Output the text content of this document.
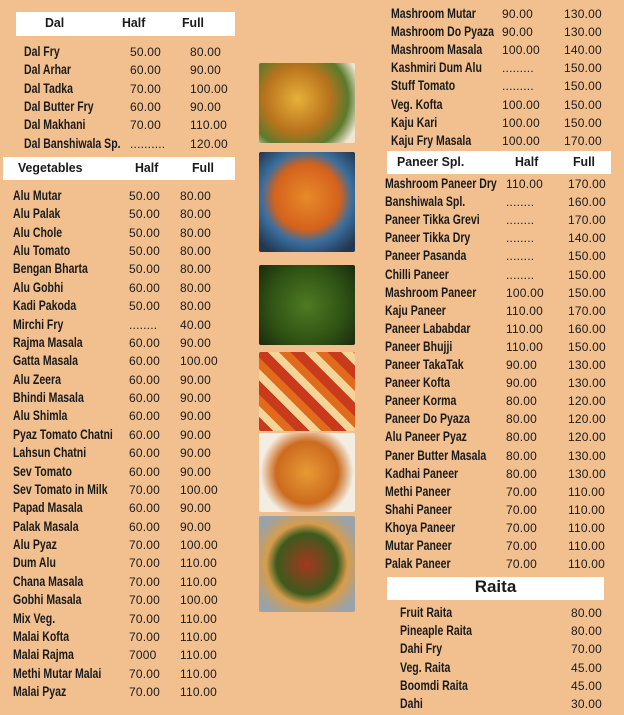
Dal	Half	Full
Dal Fry	50.00 80.00
Dal Arhar	60.00 90.00
Dal Tadka	70.00 100.00
Dal Butter Fry	60.00 90.00
Dal Makhani	70.00 110.00
Dal Banshiwala Sp. .......... 120.00
Vegetables	Half	Full
Alu Mutar	50.00 80.00
Alu Palak	50.00 80.00
Alu Chole	50.00 80.00
Alu Tomato	50.00 80.00
Bengan Bharta	50.00 80.00
Alu Gobhi	60.00 80.00
Kadi Pakoda	50.00 80.00
Mirchi Fry	........ 40.00
Rajma Masala	60.00 90.00
Gatta Masala	60.00 100.00
Alu Zeera	60.00 90.00
Bhindi Masala	60.00 90.00
Alu Shimla	60.00 90.00
Pyaz Tomato Chatni 60.00 90.00
Lahsun Chatni	60.00 90.00
Sev Tomato	60.00 90.00
Sev Tomato in Milk 70.00 100.00
Papad Masala	60.00 90.00
Palak Masala	60.00 90.00
Alu Pyaz	70.00 100.00
Dum Alu	70.00 110.00
Chana Masala	70.00 110.00
Gobhi Masala	70.00 100.00
Mix Veg.	70.00 110.00
Malai Kofta	70.00 110.00
Malai Rajma	7000 110.00
Methi Mutar Malai 70.00 110.00
Malai Pyaz	70.00 110.00
Mashroom Mutar 90.00	130.00
Mashroom Do Pyaza 90.00	130.00
Mashroom Masala 100.00 140.00
Kashmiri Dum Alu .........	150.00
Stuff Tomato	.........	150.00
Veg. Kofta	100.00 150.00
Kaju Kari	100.00 150.00
Kaju Fry Masala	100.00 170.00
Paneer Spl.	Half	Full
Mashroom Paneer Dry 110.00 170.00
Banshiwala Spl.	........	160.00
Paneer Tikka Grevi ........	170.00
Paneer Tikka Dry	........	140.00
Paneer Pasanda	........	150.00
Chilli Paneer	........	150.00
Mashroom Paneer 100.00 150.00
Kaju Paneer	110.00 170.00
Paneer Lababdar	110.00 160.00
Paneer Bhujji	110.00 150.00
Paneer TakaTak	90.00	130.00
Paneer Kofta	90.00	130.00
Paneer Korma	80.00	120.00
Paneer Do Pyaza	80.00	120.00
Alu Paneer Pyaz	80.00	120.00
Paner Butter Masala 80.00	130.00
Kadhai Paneer	80.00	130.00
Methi Paneer	70.00	110.00
Shahi Paneer	70.00	110.00
Khoya Paneer	70.00	110.00
Mutar Paneer	70.00	110.00
Palak Paneer	70.00	110.00
Raita
Fruit Raita	80.00
Pineaple Raita	80.00
Dahi Fry	70.00
Veg. Raita	45.00
Boomdi Raita	45.00
Dahi	30.00
